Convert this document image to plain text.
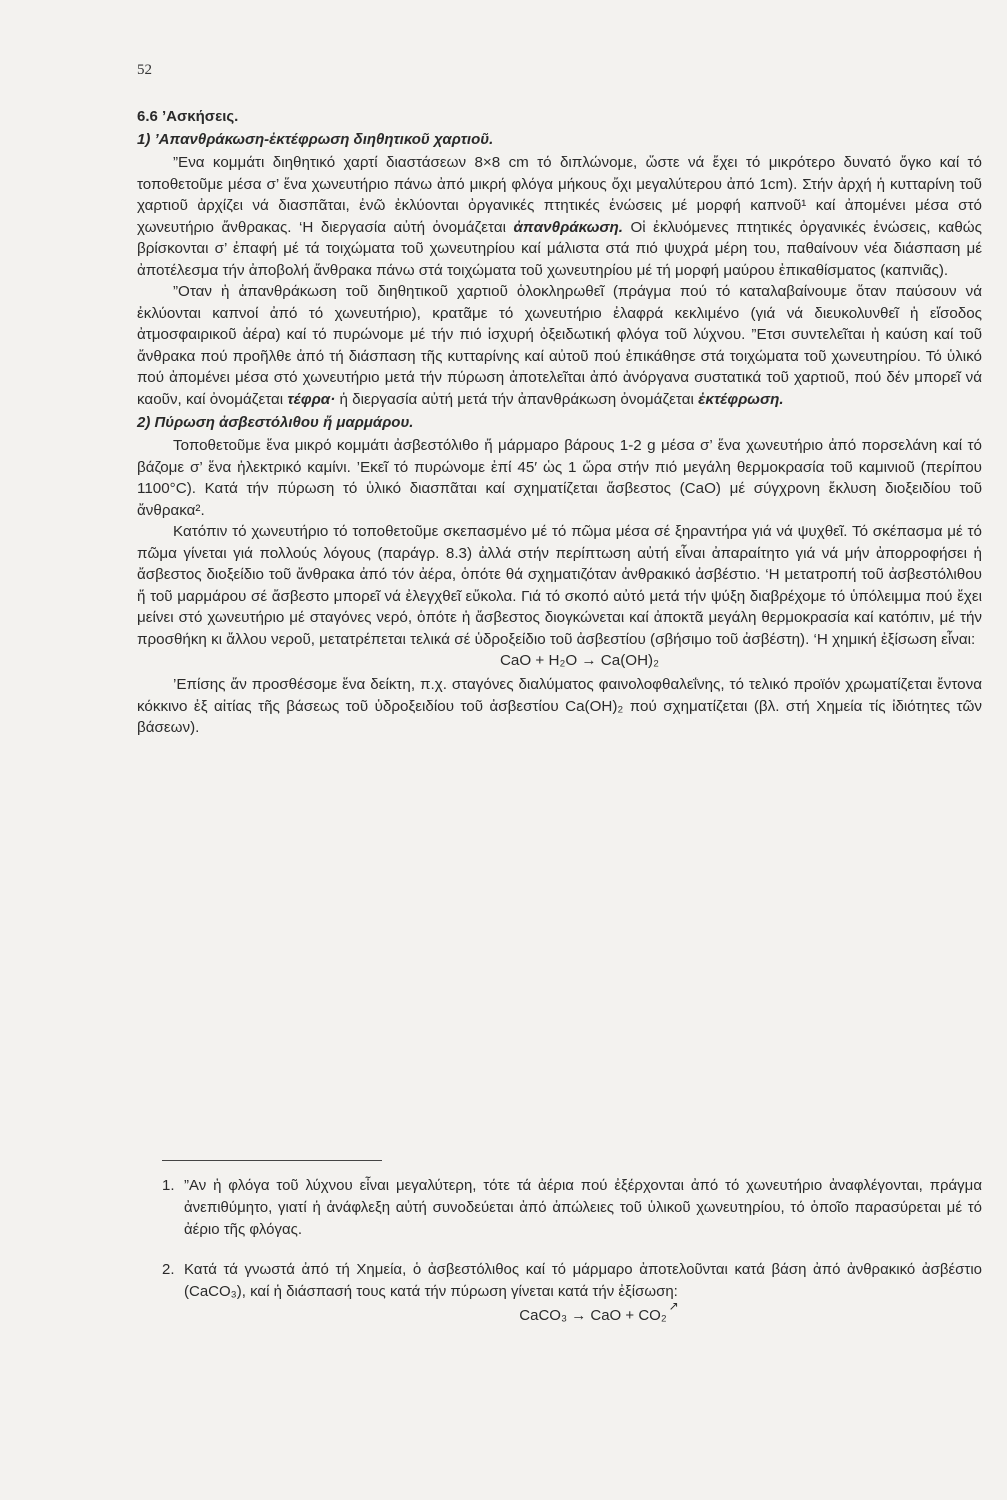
52

6.6 ’Ασκήσεις.

1) ’Απανθράκωση-ἐκτέφρωση διηθητικοῦ χαρτιοῦ.

”Ενα κομμάτι διηθητικό χαρτί διαστάσεων 8×8 cm τό διπλώνομε, ὥστε νά ἔχει τό μικρότερο δυνατό ὄγκο καί τό τοποθετοῦμε μέσα σ’ ἕνα χωνευτήριο πάνω ἀπό μικρή φλόγα μήκους ὄχι μεγαλύτερου ἀπό 1cm). Στήν ἀρχή ἡ κυτταρίνη τοῦ χαρτιοῦ ἀρχίζει νά διασπᾶται, ἐνῶ ἐκλύονται ὀργανικές πτητικές ἑνώσεις μέ μορφή καπνοῦ¹ καί ἀπομένει μέσα στό χωνευτήριο ἄνθρακας. ‘Η διεργασία αὐτή ὀνομάζεται ἀπανθράκωση. Οἱ ἐκλυόμενες πτητικές ὀργανικές ἑνώσεις, καθώς βρίσκονται σ’ ἐπαφή μέ τά τοιχώματα τοῦ χωνευτηρίου καί μάλιστα στά πιό ψυχρά μέρη του, παθαίνουν νέα διάσπαση μέ ἀποτέλεσμα τήν ἀποβολή ἄνθρακα πάνω στά τοιχώματα τοῦ χωνευτηρίου μέ τή μορφή μαύρου ἐπικαθίσματος (καπνιᾶς).

”Οταν ἡ ἀπανθράκωση τοῦ διηθητικοῦ χαρτιοῦ ὁλοκληρωθεῖ (πράγμα πού τό καταλαβαίνουμε ὅταν παύσουν νά ἐκλύονται καπνοί ἀπό τό χωνευτήριο), κρατᾶμε τό χωνευτήριο ἐλαφρά κεκλιμένο (γιά νά διευκολυνθεῖ ἡ εἴσοδος ἀτμοσφαιρικοῦ ἀέρα) καί τό πυρώνομε μέ τήν πιό ἰσχυρή ὀξειδωτική φλόγα τοῦ λύχνου. ”Ετσι συντελεῖται ἡ καύση καί τοῦ ἄνθρακα πού προῆλθε ἀπό τή διάσπαση τῆς κυτταρίνης καί αὐτοῦ πού ἐπικάθησε στά τοιχώματα τοῦ χωνευτηρίου. Τό ὑλικό πού ἀπομένει μέσα στό χωνευτήριο μετά τήν πύρωση ἀποτελεῖται ἀπό ἀνόργανα συστατικά τοῦ χαρτιοῦ, πού δέν μπορεῖ νά καοῦν, καί ὀνομάζεται τέφρα· ἡ διεργασία αὐτή μετά τήν ἀπανθράκωση ὀνομάζεται ἐκτέφρωση.

2) Πύρωση ἀσβεστόλιθου ἤ μαρμάρου.

Τοποθετοῦμε ἕνα μικρό κομμάτι ἀσβεστόλιθο ἤ μάρμαρο βάρους 1-2 g μέσα σ’ ἕνα χωνευτήριο ἀπό πορσελάνη καί τό βάζομε σ’ ἕνα ἠλεκτρικό καμίνι. ’Εκεῖ τό πυρώνομε ἐπί 45′ ὡς 1 ὥρα στήν πιό μεγάλη θερμοκρασία τοῦ καμινιοῦ (περίπου 1100°C). Κατά τήν πύρωση τό ὑλικό διασπᾶται καί σχηματίζεται ἄσβεστος (CaO) μέ σύγχρονη ἔκλυση διοξειδίου τοῦ ἄνθρακα².

Κατόπιν τό χωνευτήριο τό τοποθετοῦμε σκεπασμένο μέ τό πῶμα μέσα σέ ξηραντήρα γιά νά ψυχθεῖ. Τό σκέπασμα μέ τό πῶμα γίνεται γιά πολλούς λόγους (παράγρ. 8.3) ἀλλά στήν περίπτωση αὐτή εἶναι ἀπαραίτητο γιά νά μήν ἀπορροφήσει ἡ ἄσβεστος διοξείδιο τοῦ ἄνθρακα ἀπό τόν ἀέρα, ὁπότε θά σχηματιζόταν ἀνθρακικό ἀσβέστιο. ‘Η μετατροπή τοῦ ἀσβεστόλιθου ἤ τοῦ μαρμάρου σέ ἄσβεστο μπορεῖ νά ἐλεγχθεῖ εὔκολα. Γιά τό σκοπό αὐτό μετά τήν ψύξη διαβρέχομε τό ὑπόλειμμα πού ἔχει μείνει στό χωνευτήριο μέ σταγόνες νερό, ὁπότε ἡ ἄσβεστος διογκώνεται καί ἀποκτᾶ μεγάλη θερμοκρασία καί κατόπιν, μέ τήν προσθήκη κι ἄλλου νεροῦ, μετατρέπεται τελικά σέ ὑδροξείδιο τοῦ ἀσβεστίου (σβήσιμο τοῦ ἀσβέστη). ‘Η χημική ἐξίσωση εἶναι:

CaO + H₂O → Ca(OH)₂

’Επίσης ἄν προσθέσομε ἕνα δείκτη, π.χ. σταγόνες διαλύματος φαινολοφθαλεΐνης, τό τελικό προϊόν χρωματίζεται ἔντονα κόκκινο ἐξ αἰτίας τῆς βάσεως τοῦ ὑδροξειδίου τοῦ ἀσβεστίου Ca(OH)₂ πού σχηματίζεται (βλ. στή Χημεία τίς ἰδιότητες τῶν βάσεων).

1. ”Αν ἡ φλόγα τοῦ λύχνου εἶναι μεγαλύτερη, τότε τά ἀέρια πού ἐξέρχονται ἀπό τό χωνευτήριο ἀναφλέγονται, πράγμα ἀνεπιθύμητο, γιατί ἡ ἀνάφλεξη αὐτή συνοδεύεται ἀπό ἀπώλειες τοῦ ὑλικοῦ χωνευτηρίου, τό ὁποῖο παρασύρεται μέ τό ἀέριο τῆς φλόγας.
2. Κατά τά γνωστά ἀπό τή Χημεία, ὁ ἀσβεστόλιθος καί τό μάρμαρο ἀποτελοῦνται κατά βάση ἀπό ἀνθρακικό ἀσβέστιο (CaCO₃), καί ἡ διάσπασή τους κατά τήν πύρωση γίνεται κατά τήν ἐξίσωση:
CaCO₃ → CaO + CO₂↗
